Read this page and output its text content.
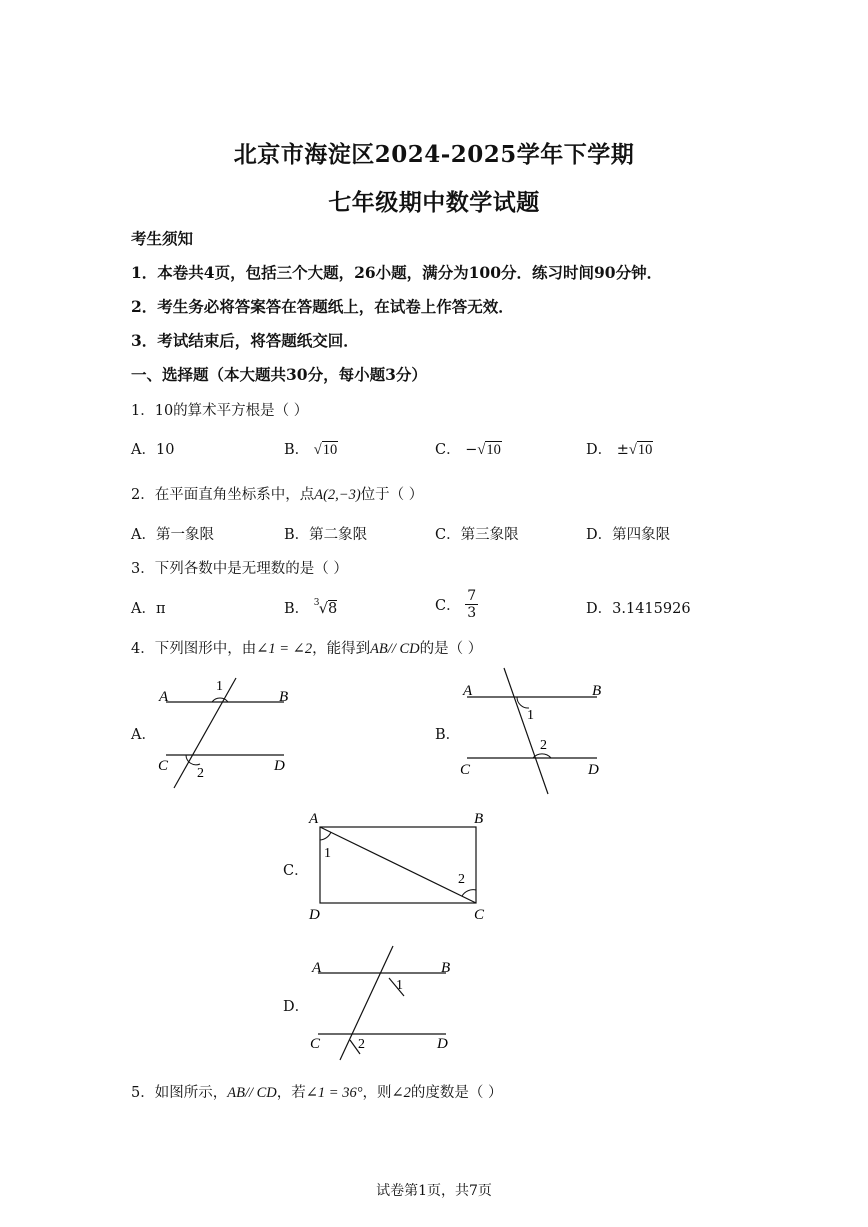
北京市海淀区2024-2025学年下学期
七年级期中数学试题
考生须知
1．本卷共4页，包括三个大题，26小题，满分为100分．练习时间90分钟．
2．考生务必将答案答在答题纸上，在试卷上作答无效．
3．考试结束后，将答题纸交回．
一、选择题（本大题共30分，每小题3分）
1．10的算术平方根是（ ）
A．10	B． √10	C． −√10	D． ±√10
2．在平面直角坐标系中，点A(2,−3)位于（ ）
A．第一象限	B．第二象限	C．第三象限	D．第四象限
3．下列各数中是无理数的是（ ）
A．π	B． 3 √8	C． $\frac{7}{3}$	D．3.1415926
4．下列图形中，由∠1 = ∠2，能得到AB// CD的是（ ）
A．
A	B
C	D
1
2
B．
A	B
C	D
1
2
C．
A	B
D	C
1
2
D．
A	B
C	D
1
2
5．如图所示，AB// CD，若∠1 = 36°，则∠2的度数是（ ）
试卷第1页，共7页
